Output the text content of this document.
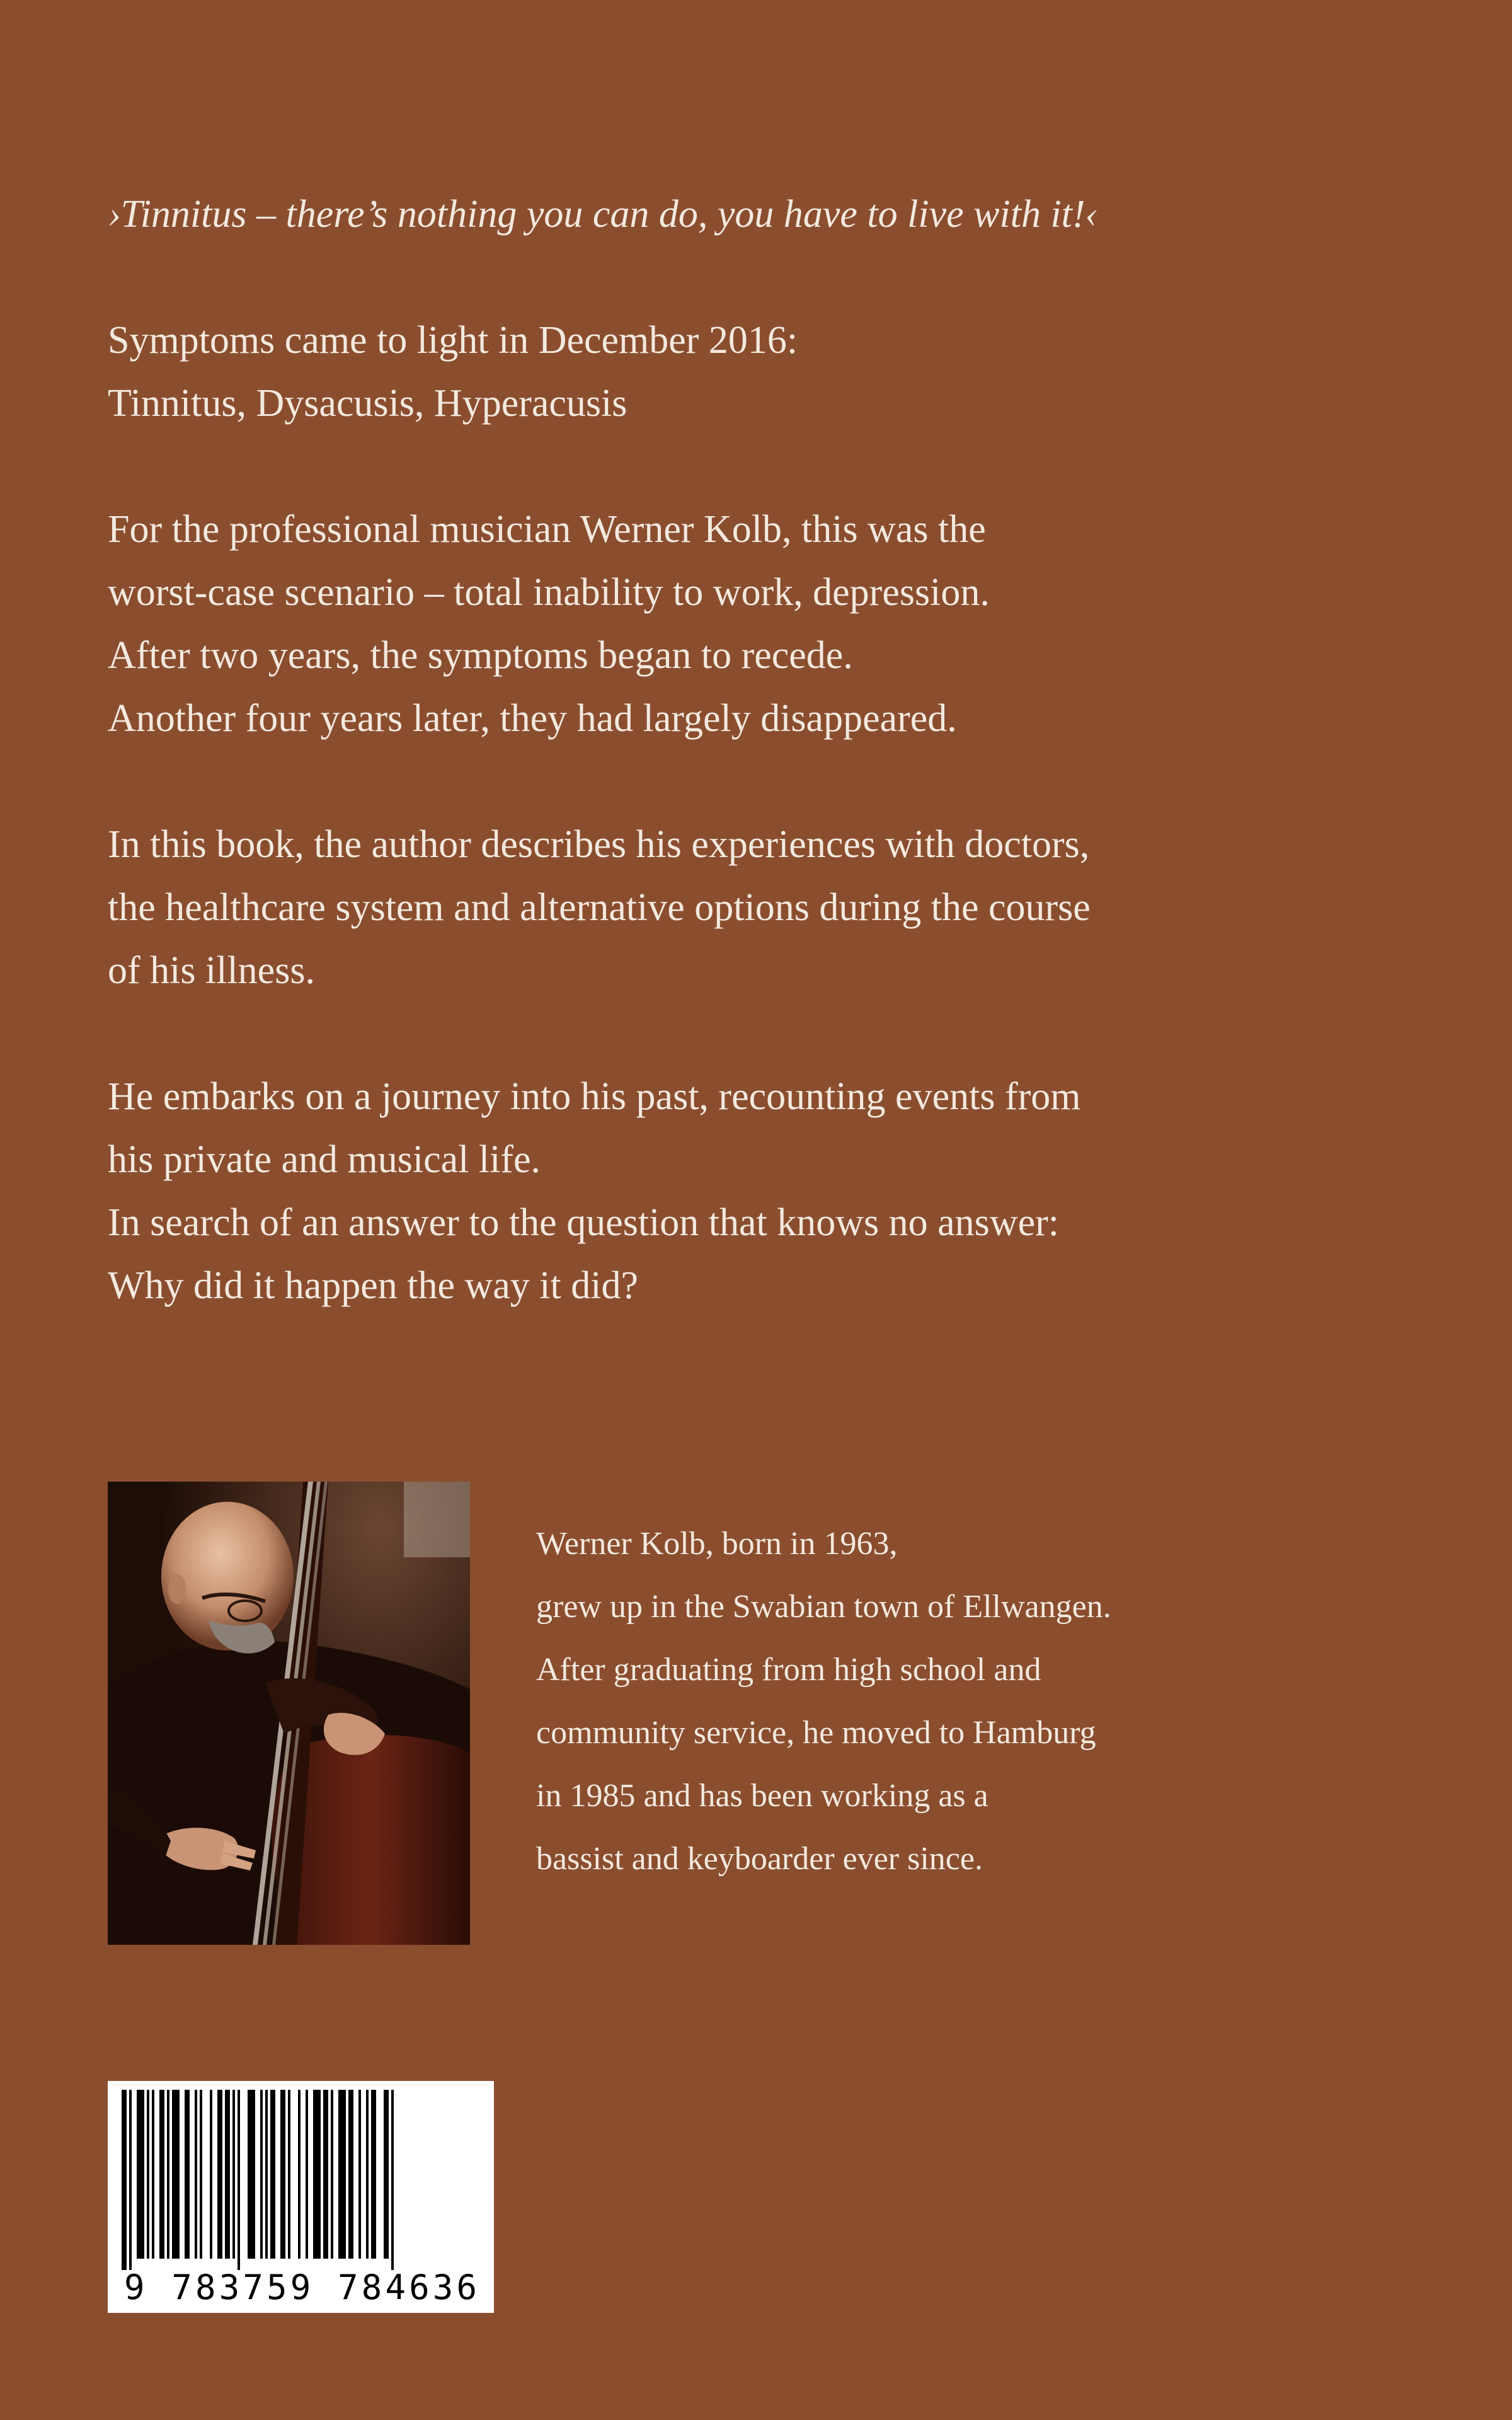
›Tinnitus – there’s nothing you can do, you have to live with it!‹
Symptoms came to light in December 2016:
Tinnitus, Dysacusis, Hyperacusis
For the professional musician Werner Kolb, this was the
worst-case scenario – total inability to work, depression.
After two years, the symptoms began to recede.
Another four years later, they had largely disappeared.
In this book, the author describes his experiences with doctors,
the healthcare system and alternative options during the course
of his illness.
He embarks on a journey into his past, recounting events from
his private and musical life.
In search of an answer to the question that knows no answer:
Why did it happen the way it did?
Werner Kolb, born in 1963,
grew up in the Swabian town of Ellwangen.
After graduating from high school and
community service, he moved to Hamburg
in 1985 and has been working as a
bassist and keyboarder ever since.
9 783759 784636
